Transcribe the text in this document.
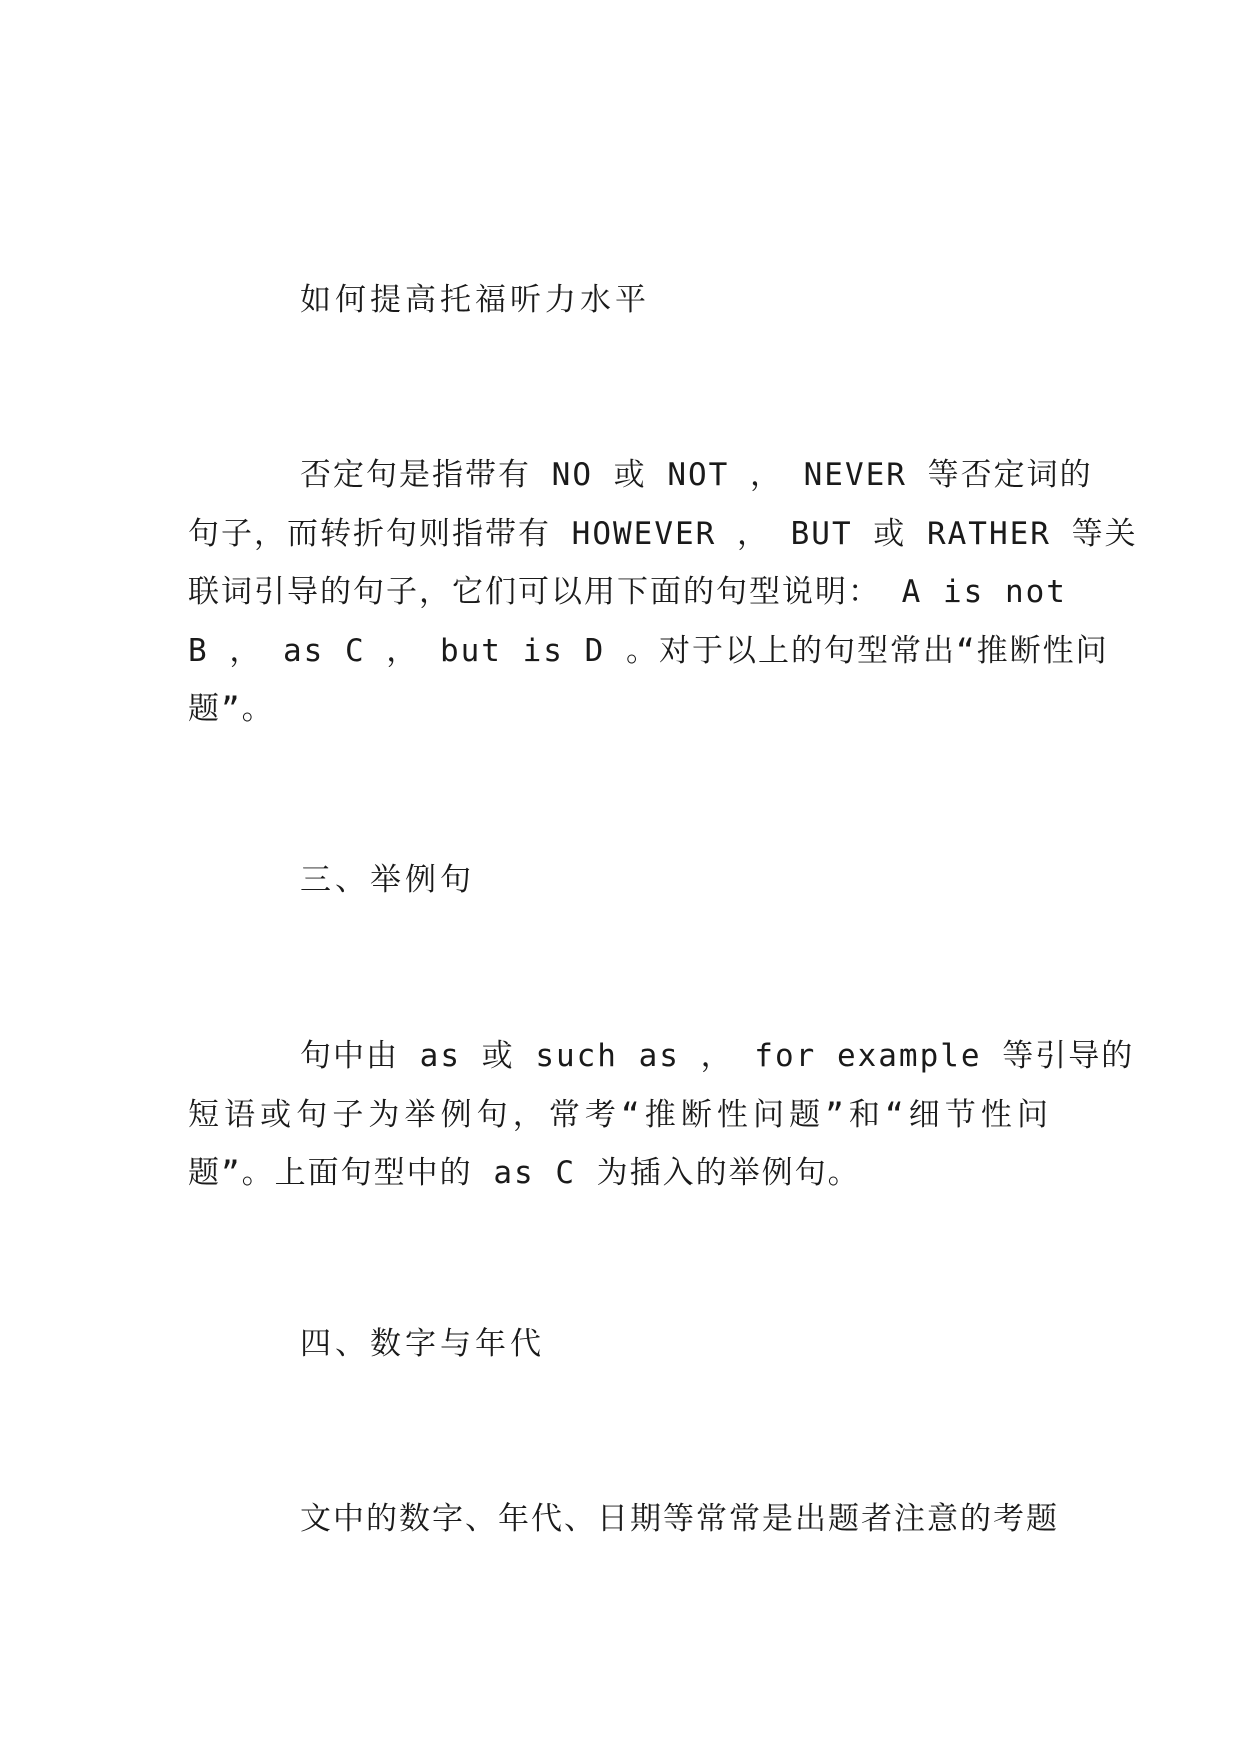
如何提高托福听力水平
否定句是指带有 NO 或 NOT ， NEVER 等否定词的
句子，而转折句则指带有 HOWEVER ， BUT 或 RATHER 等关
联词引导的句子，它们可以用下面的句型说明： A is not
B ， as C ， but is D 。对于以上的句型常出“推断性问
题”。
三、举例句
句中由 as 或 such as ， for example 等引导的
短语或句子为举例句，常考“推断性问题”和“细节性问
题”。上面句型中的 as C 为插入的举例句。
四、数字与年代
文中的数字、年代、日期等常常是出题者注意的考题
